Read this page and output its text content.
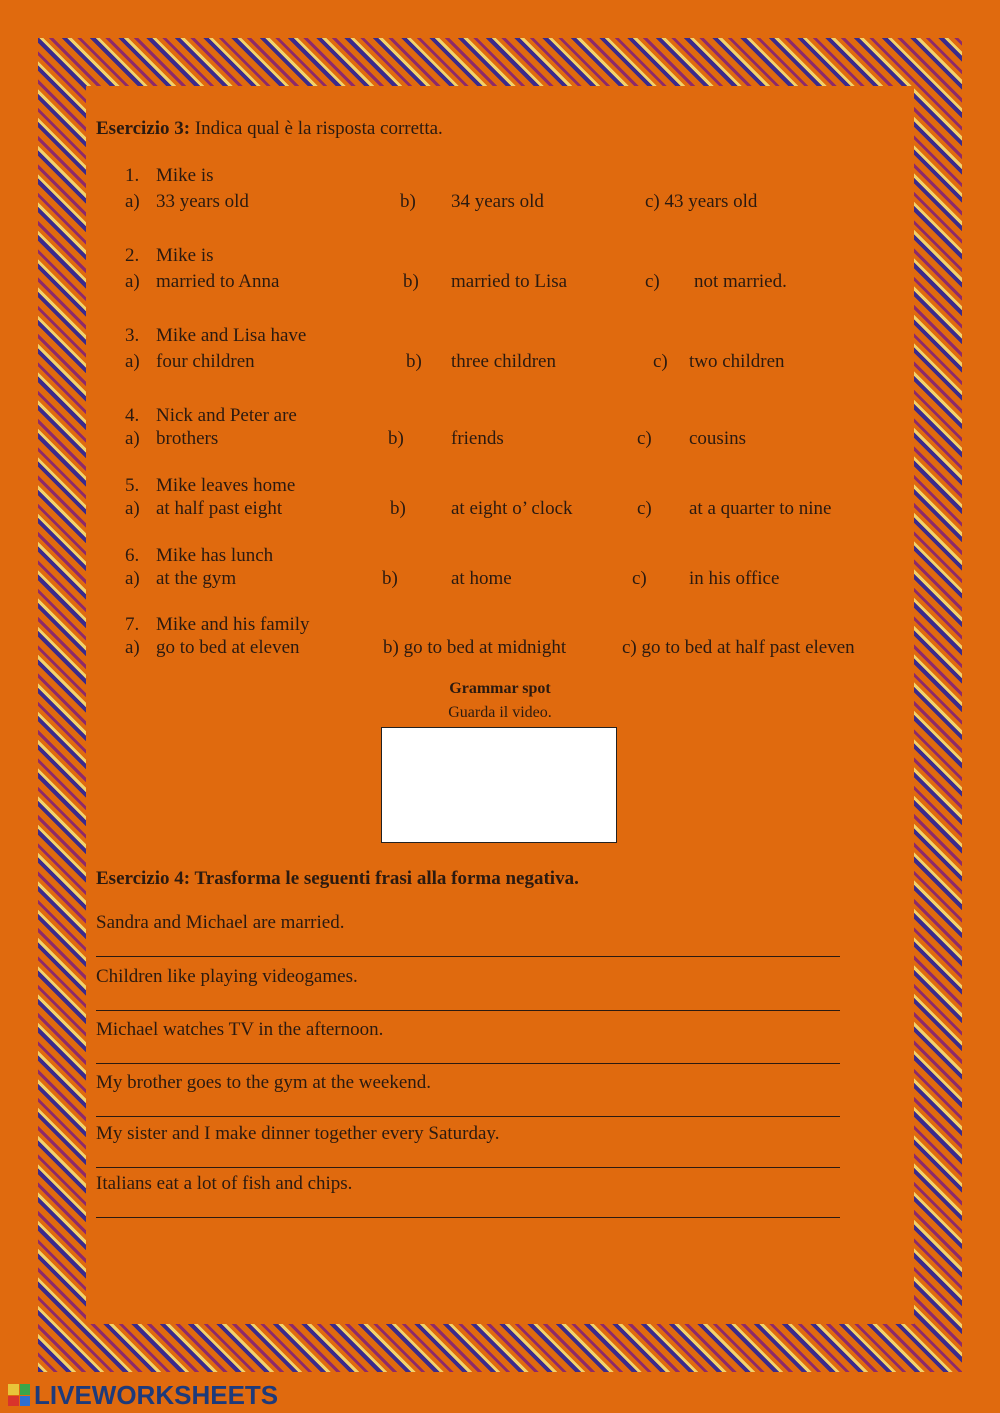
Esercizio 3: Indica qual è la risposta corretta.
1. Mike is
a) 33 years old	b) 34 years old	c) 43 years old
2. Mike is
a) married to Anna	b) married to Lisa	c) not married.
3. Mike and Lisa have
a) four children	b) three children	c) two children
4. Nick and Peter are
a) brothers	b) friends	c) cousins
5. Mike leaves home
a) at half past eight	b) at eight o’ clock	c) at a quarter to nine
6. Mike has lunch
a) at the gym	b)	at home	c) in his office
7. Mike and his family
a) go to bed at eleven	b) go to bed at midnight	c) go to bed at half past eleven
Grammar spot
Guarda il video.
Esercizio 4: Trasforma le seguenti frasi alla forma negativa.
Sandra and Michael are married.
Children like playing videogames.
Michael watches TV in the afternoon.
My brother goes to the gym at the weekend.
My sister and I make dinner together every Saturday.
Italians eat a lot of fish and chips.
LIVEWORKSHEETS
